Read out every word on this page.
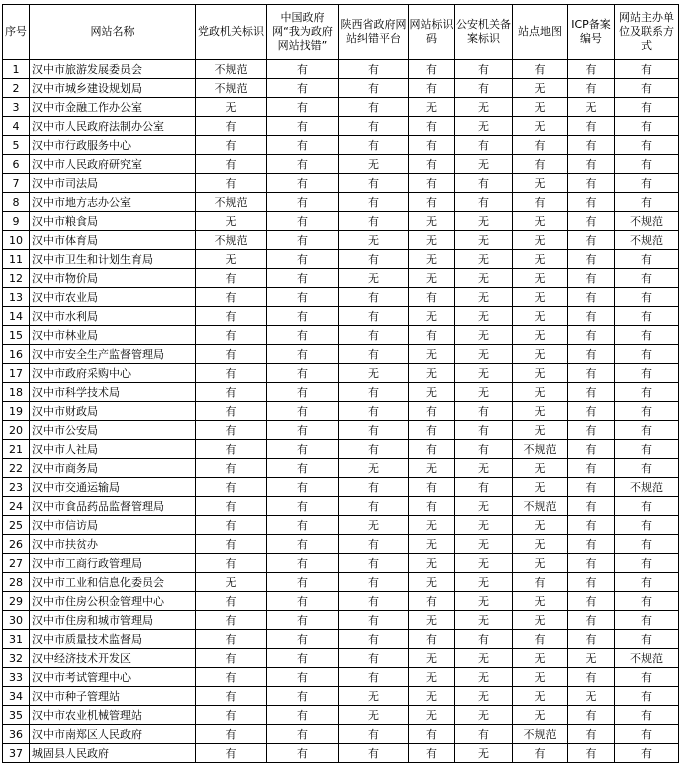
序号	网站名称	党政机关标识	中国政府网“我为政府网站找错”	陕西省政府网站纠错平台	网站标识码	公安机关备案标识	站点地图	ICP备案编号	网站主办单位及联系方式
1	汉中市旅游发展委员会	不规范	有	有	有	有	有	有	有
2	汉中市城乡建设规划局	不规范	有	有	有	有	无	有	有
3	汉中市金融工作办公室	无	有	有	无	无	无	无	有
4	汉中市人民政府法制办公室	有	有	有	有	无	无	有	有
5	汉中市行政服务中心	有	有	有	有	有	有	有	有
6	汉中市人民政府研究室	有	有	无	有	无	有	有	有
7	汉中市司法局	有	有	有	有	有	无	有	有
8	汉中市地方志办公室	不规范	有	有	有	有	有	有	有
9	汉中市粮食局	无	有	有	无	无	无	有	不规范
10	汉中市体育局	不规范	有	无	无	无	无	有	不规范
11	汉中市卫生和计划生育局	无	有	有	无	无	无	有	有
12	汉中市物价局	有	有	无	无	无	无	有	有
13	汉中市农业局	有	有	有	有	无	无	有	有
14	汉中市水利局	有	有	有	无	无	无	有	有
15	汉中市林业局	有	有	有	有	无	无	有	有
16	汉中市安全生产监督管理局	有	有	有	无	无	无	有	有
17	汉中市政府采购中心	有	有	无	无	无	无	有	有
18	汉中市科学技术局	有	有	有	无	无	无	有	有
19	汉中市财政局	有	有	有	有	有	无	有	有
20	汉中市公安局	有	有	有	有	有	无	有	有
21	汉中市人社局	有	有	有	有	有	不规范	有	有
22	汉中市商务局	有	有	无	无	无	无	有	有
23	汉中市交通运输局	有	有	有	有	有	无	有	不规范
24	汉中市食品药品监督管理局	有	有	有	有	无	不规范	有	有
25	汉中市信访局	有	有	无	无	无	无	有	有
26	汉中市扶贫办	有	有	有	无	无	无	有	有
27	汉中市工商行政管理局	有	有	有	无	无	无	有	有
28	汉中市工业和信息化委员会	无	有	有	无	无	有	有	有
29	汉中市住房公积金管理中心	有	有	有	有	无	无	有	有
30	汉中市住房和城市管理局	有	有	有	无	无	无	有	有
31	汉中市质量技术监督局	有	有	有	有	有	有	有	有
32	汉中经济技术开发区	有	有	有	无	无	无	无	不规范
33	汉中市考试管理中心	有	有	有	无	无	无	有	有
34	汉中市种子管理站	有	有	无	无	无	无	无	有
35	汉中市农业机械管理站	有	有	无	无	无	无	有	有
36	汉中市南郑区人民政府	有	有	有	有	有	不规范	有	有
37	城固县人民政府	有	有	有	有	无	有	有	有
